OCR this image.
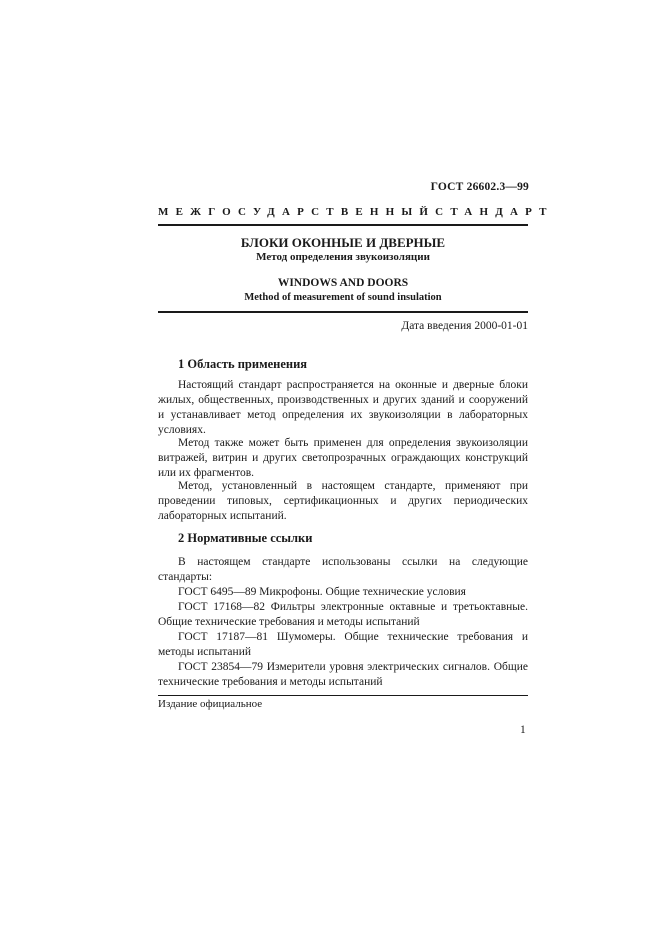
ГОСТ 26602.3—99
МЕЖГОСУДАРСТВЕННЫЙ СТАНДАРТ
БЛОКИ ОКОННЫЕ И ДВЕРНЫЕ
Метод определения звукоизоляции
WINDOWS AND DOORS
Method of measurement of sound insulation
Дата введения 2000-01-01
1 Область применения

Настоящий стандарт распространяется на оконные и дверные блоки жилых, общественных, производственных и других зданий и сооружений и устанавливает метод определения их звукоизоляции в лабораторных условиях.

Метод также может быть применен для определения звукоизоляции витражей, витрин и других светопрозрачных ограждающих конструкций или их фрагментов.

Метод, установленный в настоящем стандарте, применяют при проведении типовых, сертификационных и других периодических лабораторных испытаний.

2 Нормативные ссылки

В настоящем стандарте использованы ссылки на следующие стандарты:

ГОСТ 6495—89 Микрофоны. Общие технические условия

ГОСТ 17168—82 Фильтры электронные октавные и третьоктавные. Общие технические требования и методы испытаний

ГОСТ 17187—81 Шумомеры. Общие технические требования и методы испытаний

ГОСТ 23854—79 Измерители уровня электрических сигналов. Общие технические требования и методы испытаний

Издание официальное
1
